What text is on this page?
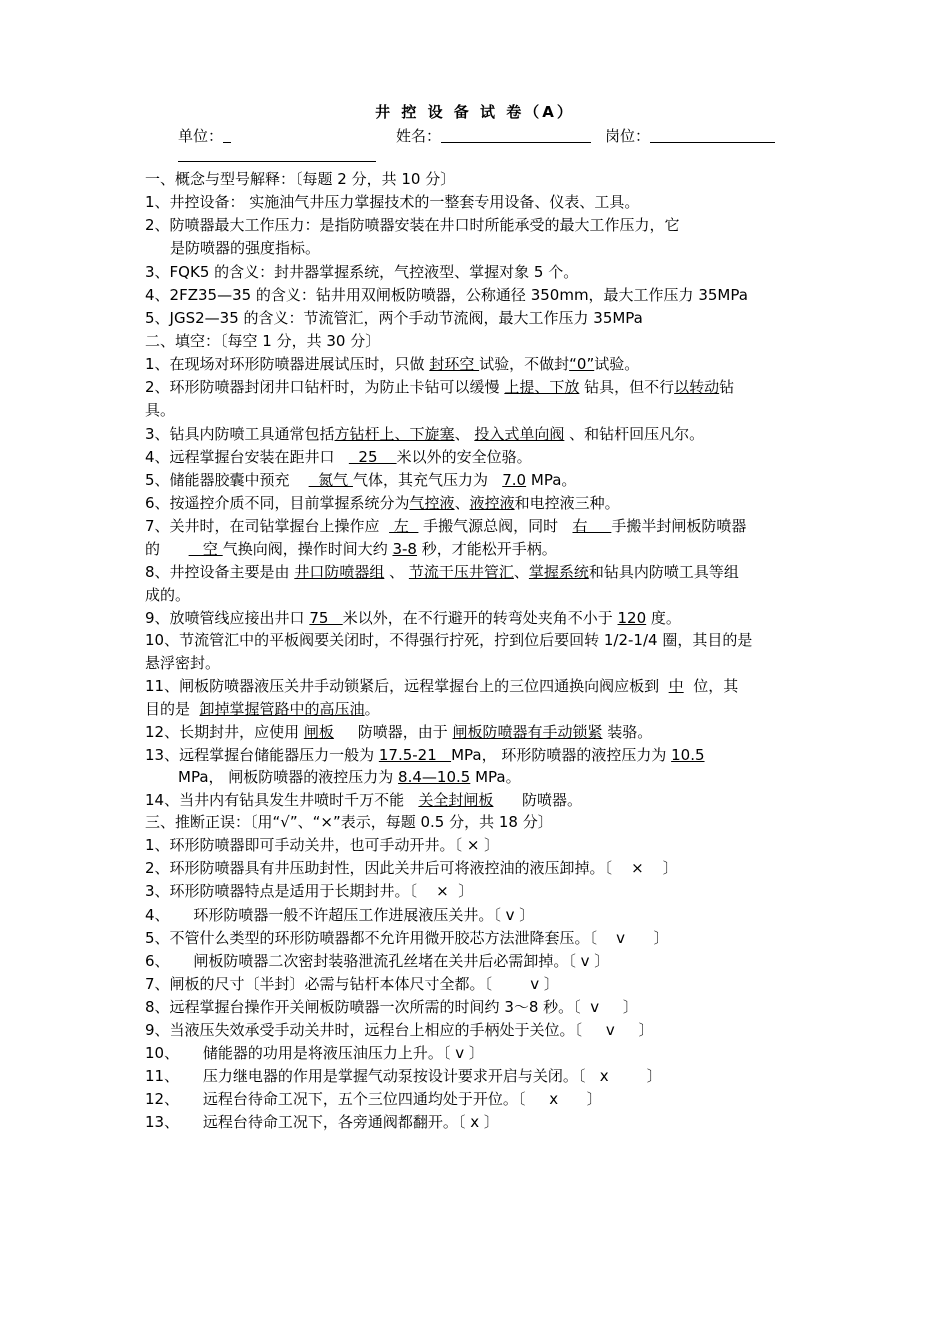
井 控 设 备 试 卷（A）
单位：	姓名：	岗位：
一、概念与型号解释：〔每题 2 分，共 10 分〕
1、井控设备： 实施油气井压力掌握技术的一整套专用设备、仪表、工具。
2、防喷器最大工作压力：是指防喷器安装在井口时所能承受的最大工作压力，它
是防喷器的强度指标。
3、FQK5 的含义：封井器掌握系统，气控液型、掌握对象 5 个。
4、2FZ35—35 的含义：钻井用双闸板防喷器，公称通径 350mm，最大工作压力 35MPa
5、JGS2—35 的含义：节流管汇，两个手动节流阀，最大工作压力 35MPa
二、填空：〔每空 1 分，共 30 分〕
1、在现场对环形防喷器进展试压时，只做 封环空 试验，不做封“0”试验。
2、环形防喷器封闭井口钻杆时，为防止卡钻可以缓慢 上提、下放 钻具，但不行以转动钻
具。
3、钻具内防喷工具通常包括方钻杆上、下旋塞、 投入式单向阀 、和钻杆回压凡尔。
4、远程掌握台安装在距井口     25    米以外的安全位骆。
5、储能器胶囊中预充      氮气 气体，其充气压力为   7.0 MPa。
6、按遥控介质不同，目前掌握系统分为气控液、液控液和电控液三种。
7、关井时，在司钻掌握台上操作应   左   手搬气源总阀，同时   右     手搬半封闸板防喷器
的         空 气换向阀，操作时间大约 3-8 秒，才能松开手柄。
8、井控设备主要是由 井口防喷器组 、 节流干压井管汇、掌握系统和钻具内防喷工具等组
成的。
9、放喷管线应接出井口 75   米以外，在不行避开的转弯处夹角不小于 120 度。
10、节流管汇中的平板阀要关闭时，不得强行拧死，拧到位后要回转 1/2-1/4 圈，其目的是
悬浮密封。
11、闸板防喷器液压关井手动锁紧后，远程掌握台上的三位四通换向阀应板到  中  位，其
目的是  卸掉掌握管路中的高压油。
12、长期封井，应使用 闸板     防喷器，由于 闸板防喷器有手动锁紧 装骆。
13、远程掌握台储能器压力一般为 17.5-21   MPa， 环形防喷器的液控压力为 10.5
MPa， 闸板防喷器的液控压力为 8.4—10.5 MPa。
14、当井内有钻具发生井喷时千万不能   关全封闸板      防喷器。
三、推断正误：〔用“√”、“×”表示，每题 0.5 分，共 18 分〕
1、环形防喷器即可手动关井，也可手动开井。〔 × 〕
2、环形防喷器具有井压助封性，因此关井后可将液控油的液压卸掉。〔    ×    〕
3、环形防喷器特点是适用于长期封井。〔    ×  〕
4、     环形防喷器一般不许超压工作进展液压关井。〔 v 〕
5、不管什么类型的环形防喷器都不允许用微开胶芯方法泄降套压。〔    v      〕
6、     闸板防喷器二次密封装骆泄流孔丝堵在关井后必需卸掉。〔 v 〕
7、闸板的尺寸〔半封〕必需与钻杆本体尺寸全都。〔        v 〕
8、远程掌握台操作开关闸板防喷器一次所需的时间约 3～8 秒。〔  v     〕
9、当液压失效承受手动关井时，远程台上相应的手柄处于关位。〔     v     〕
10、     储能器的功用是将液压油压力上升。〔 v 〕
11、     压力继电器的作用是掌握气动泵按设计要求开启与关闭。〔   x        〕
12、     远程台待命工况下，五个三位四通均处于开位。〔     x      〕
13、     远程台待命工况下，各旁通阀都翻开。〔 x 〕
